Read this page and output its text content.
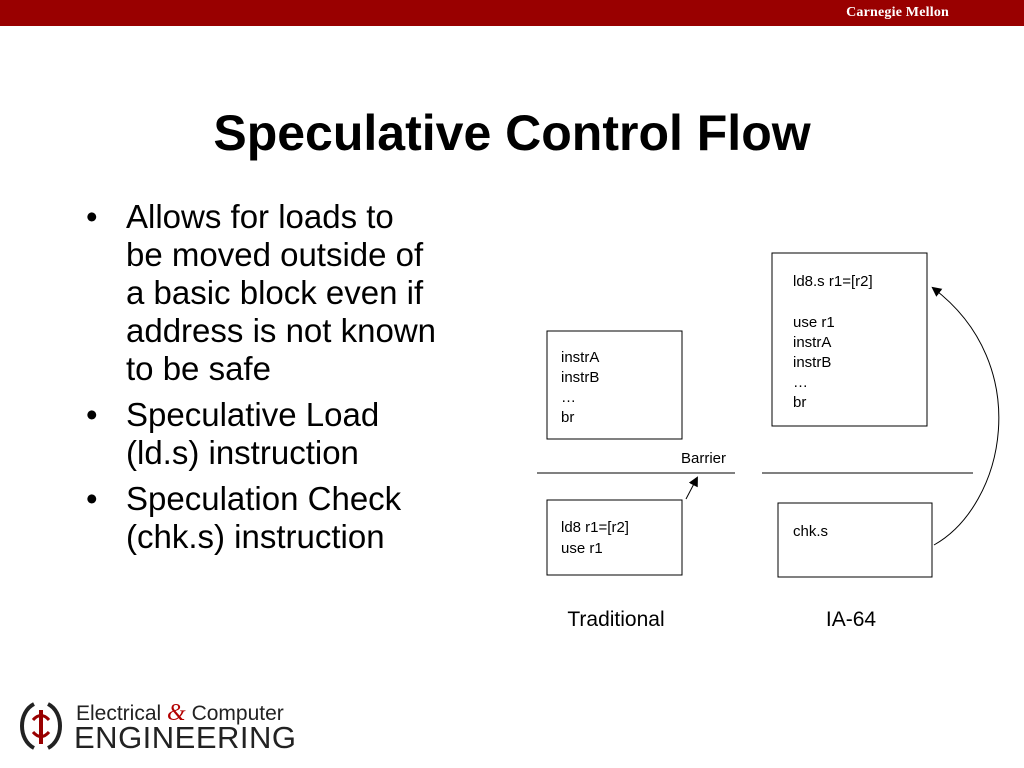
Carnegie Mellon
Speculative Control Flow
• Allows for loads to
be moved outside of
a basic block even if
address is not known
to be safe
• Speculative Load
(ld.s) instruction
• Speculation Check
(chk.s) instruction
instrA
instrB
…
br
Barrier
ld8 r1=[r2]
use r1
Traditional
ld8.s r1=[r2]
use r1
instrA
instrB
…
br
chk.s
IA-64
Electrical & Computer
ENGINEERING
